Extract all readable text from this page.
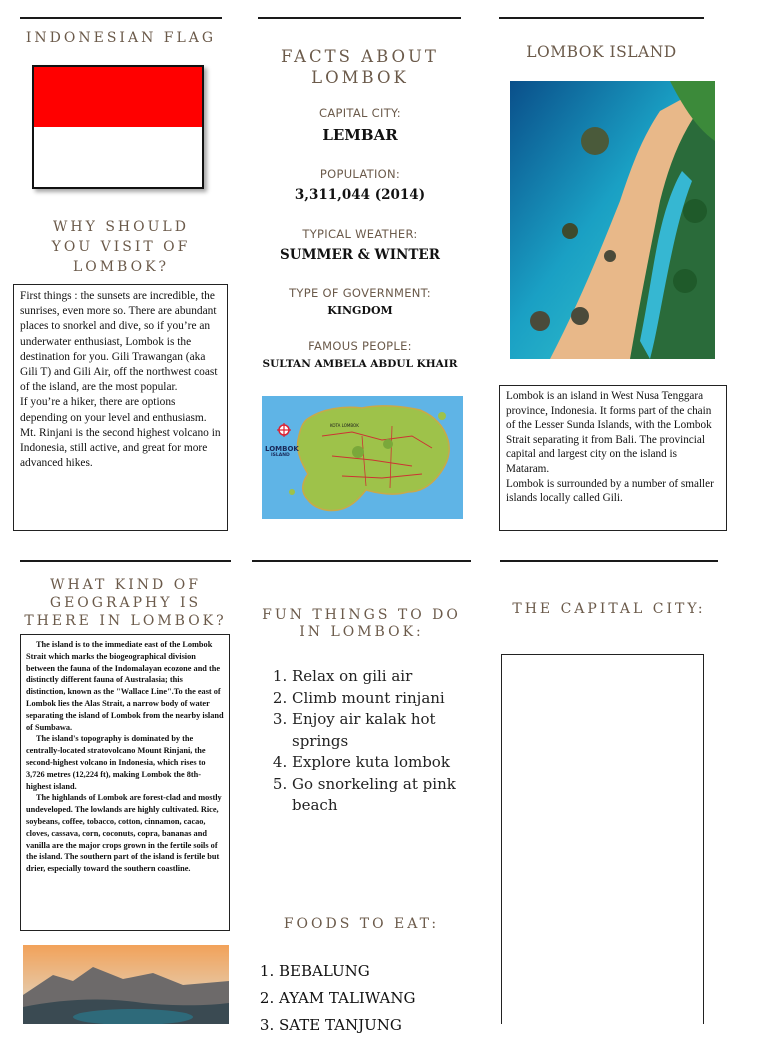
INDONESIAN FLAG
WHY SHOULD
YOU VISIT OF
LOMBOK?

First things : the sunsets are incredible, the sunrises, even more so. There are abundant places to snorkel and dive, so if you’re an underwater enthusiast, Lombok is the destination for you. Gili Trawangan (aka Gili T) and Gili Air, off the northwest coast of the island, are the most popular.

If you’re a hiker, there are options depending on your level and enthusiasm. Mt. Rinjani is the second highest volcano in Indonesia, still active, and great for more advanced hikes.

FACTS ABOUT
LOMBOK
CAPITAL CITY:
LEMBAR
POPULATION:
3,311,044 (2014)
TYPICAL WEATHER:
SUMMER & WINTER
TYPE OF GOVERNMENT:
KINGDOM
FAMOUS PEOPLE:
SULTAN AMBELA ABDUL KHAIR
LOMBOK
ISLAND
KOTA LOMBOK
LOMBOK ISLAND

Lombok is an island in West Nusa Tenggara province, Indonesia. It forms part of the chain of the Lesser Sunda Islands, with the Lombok Strait separating it from Bali. The provincial capital and largest city on the island is Mataram.

Lombok is surrounded by a number of smaller islands locally called Gili.

WHAT KIND OF
GEOGRAPHY IS
THERE IN LOMBOK?

The island is to the immediate east of the Lombok Strait which marks the biogeographical division between the fauna of the Indomalayan ecozone and the distinctly different fauna of Australasia; this distinction, known as the "Wallace Line".To the east of Lombok lies the Alas Strait, a narrow body of water separating the island of Lombok from the nearby island of Sumbawa.

The island's topography is dominated by the centrally-located stratovolcano Mount Rinjani, the second-highest volcano in Indonesia, which rises to 3,726 metres (12,224 ft), making Lombok the 8th-highest island.

The highlands of Lombok are forest-clad and mostly undeveloped. The lowlands are highly cultivated. Rice, soybeans, coffee, tobacco, cotton, cinnamon, cacao, cloves, cassava, corn, coconuts, copra, bananas and vanilla are the major crops grown in the fertile soils of the island. The southern part of the island is fertile but drier, especially toward the southern coastline.

FUN THINGS TO DO
IN LOMBOK:
1. Relax on gili air
2. Climb mount rinjani
3. Enjoy air kalak hot springs
4. Explore kuta lombok
5. Go snorkeling at pink beach
FOODS TO EAT:
1. BEBALUNG
2. AYAM TALIWANG
3. SATE TANJUNG
THE CAPITAL CITY:
